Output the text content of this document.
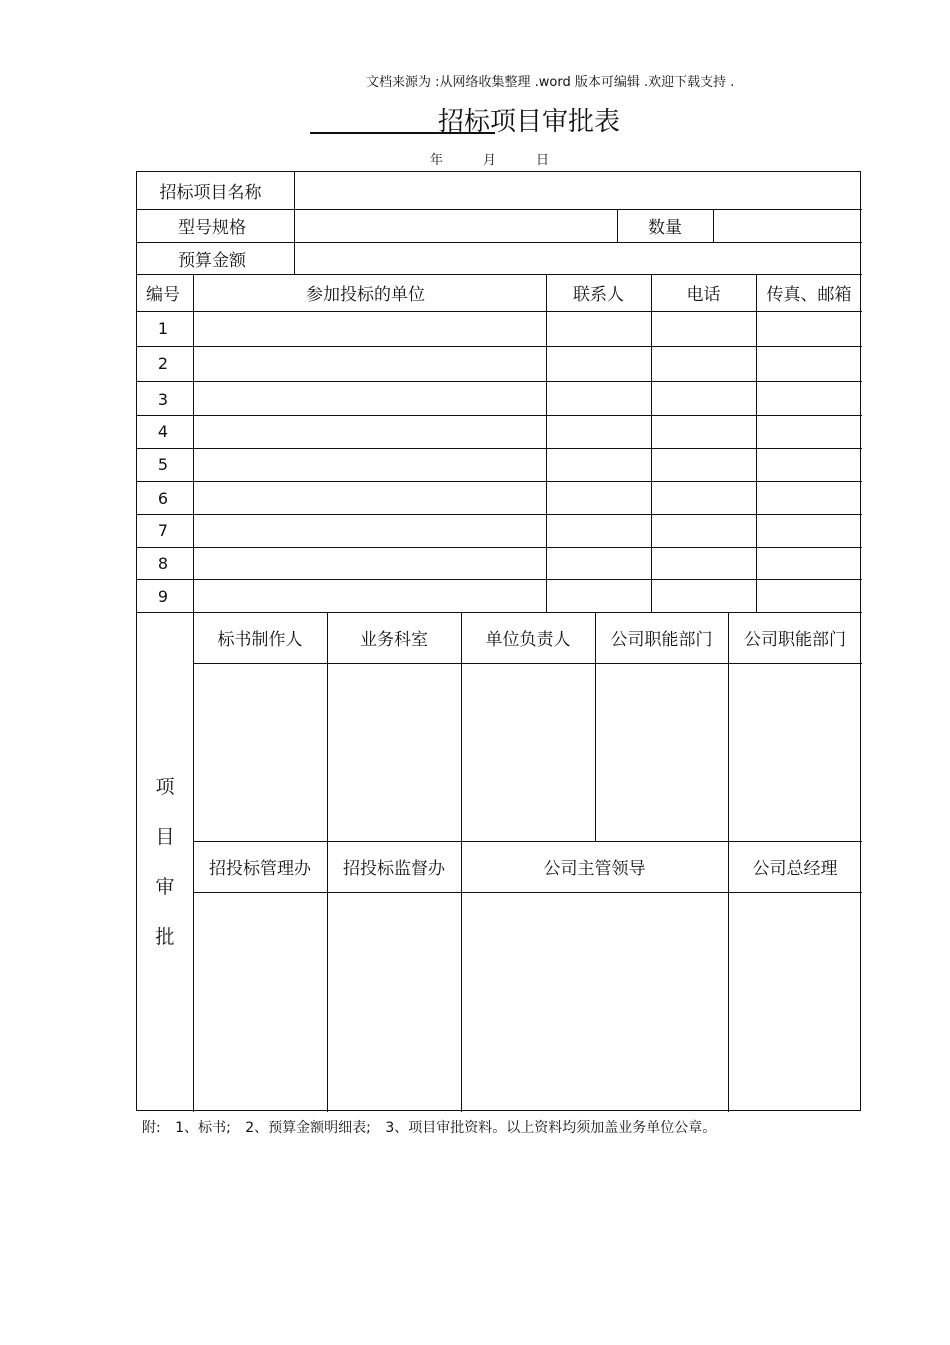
文档来源为 :从网络收集整理 .word 版本可编辑 .欢迎下载支持 .
招标项目审批表
年	月	日
招标项目名称
型号规格	数量
预算金额
编号	参加投标的单位	联系人	电话	传真、邮箱
1
2
3
4
5
6
7
8
9
项
目
审
批
标书制作人	业务科室	单位负责人	公司职能部门	公司职能部门
招投标管理办	招投标监督办	公司主管领导	公司总经理
附: 1、标书; 2、预算金额明细表; 3、项目审批资料。以上资料均须加盖业务单位公章。
